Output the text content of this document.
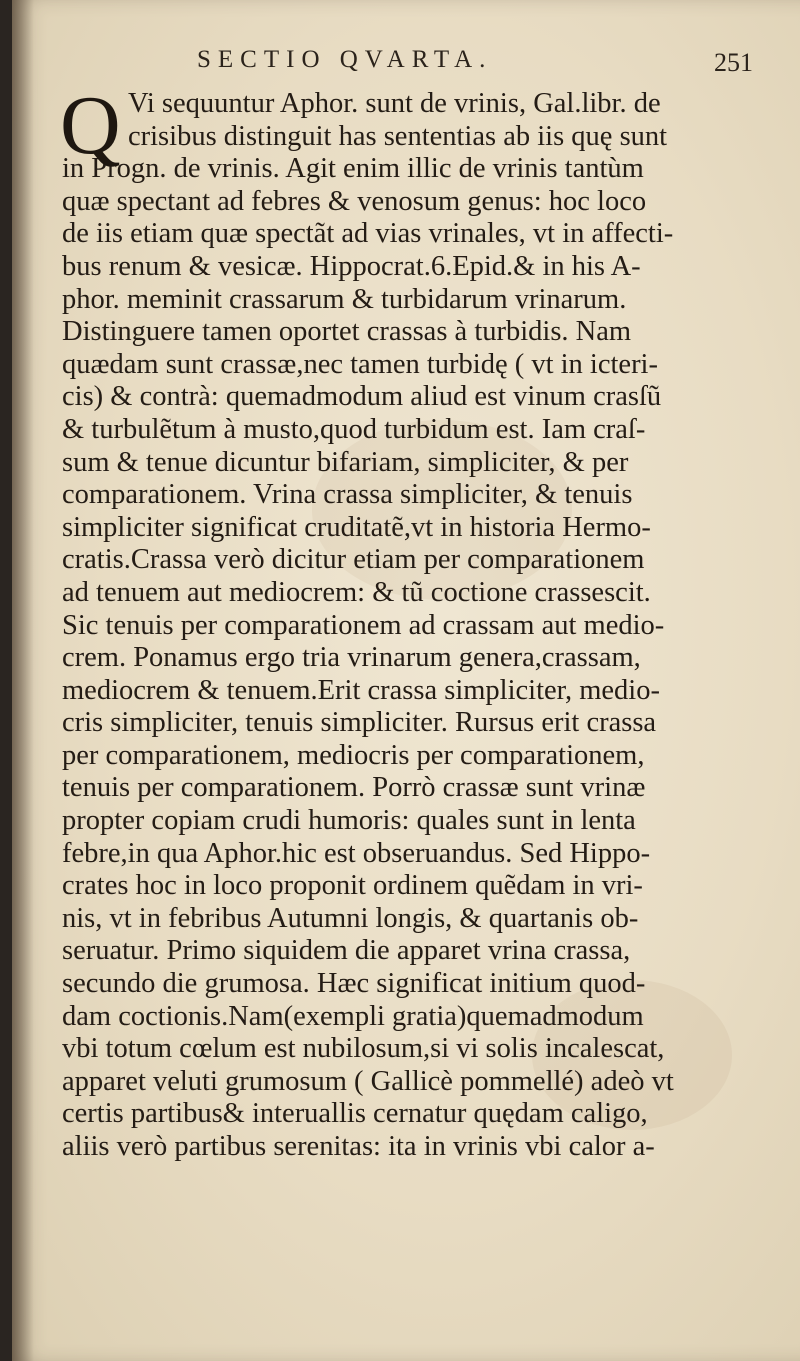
SECTIO QVARTA.	251
Q Vi sequuntur Aphor. sunt de vrinis, Gal.libr. de
crisibus distinguit has sententias ab iis quę sunt
in Progn. de vrinis. Agit enim illic de vrinis tantùm
quæ spectant ad febres & venosum genus: hoc loco
de iis etiam quæ spectãt ad vias vrinales, vt in affecti-
bus renum & vesicæ. Hippocrat.6.Epid.& in his A-
phor. meminit crassarum & turbidarum vrinarum.
Distinguere tamen oportet crassas à turbidis. Nam
quædam sunt crassæ,nec tamen turbidę ( vt in icteri-
cis) & contrà: quemadmodum aliud est vinum crasſũ
& turbulẽtum à musto,quod turbidum est. Iam craſ-
sum & tenue dicuntur bifariam, simpliciter, & per
comparationem. Vrina crassa simpliciter, & tenuis
simpliciter significat cruditatẽ,vt in historia Hermo-
cratis.Crassa verò dicitur etiam per comparationem
ad tenuem aut mediocrem: & tũ coctione crassescit.
Sic tenuis per comparationem ad crassam aut medio-
crem. Ponamus ergo tria vrinarum genera,crassam,
mediocrem & tenuem.Erit crassa simpliciter, medio-
cris simpliciter, tenuis simpliciter. Rursus erit crassa
per comparationem, mediocris per comparationem,
tenuis per comparationem. Porrò crassæ sunt vrinæ
propter copiam crudi humoris: quales sunt in lenta
febre,in qua Aphor.hic est obseruandus. Sed Hippo-
crates hoc in loco proponit ordinem quẽdam in vri-
nis, vt in febribus Autumni longis, & quartanis ob-
seruatur. Primo siquidem die apparet vrina crassa,
secundo die grumosa. Hæc significat initium quod-
dam coctionis.Nam(exempli gratia)quemadmodum
vbi totum cœlum est nubilosum,si vi solis incalescat,
apparet veluti grumosum ( Gallicè pommellé) adeò vt
certis partibus& interuallis cernatur quędam caligo,
aliis verò partibus serenitas: ita in vrinis vbi calor a-
